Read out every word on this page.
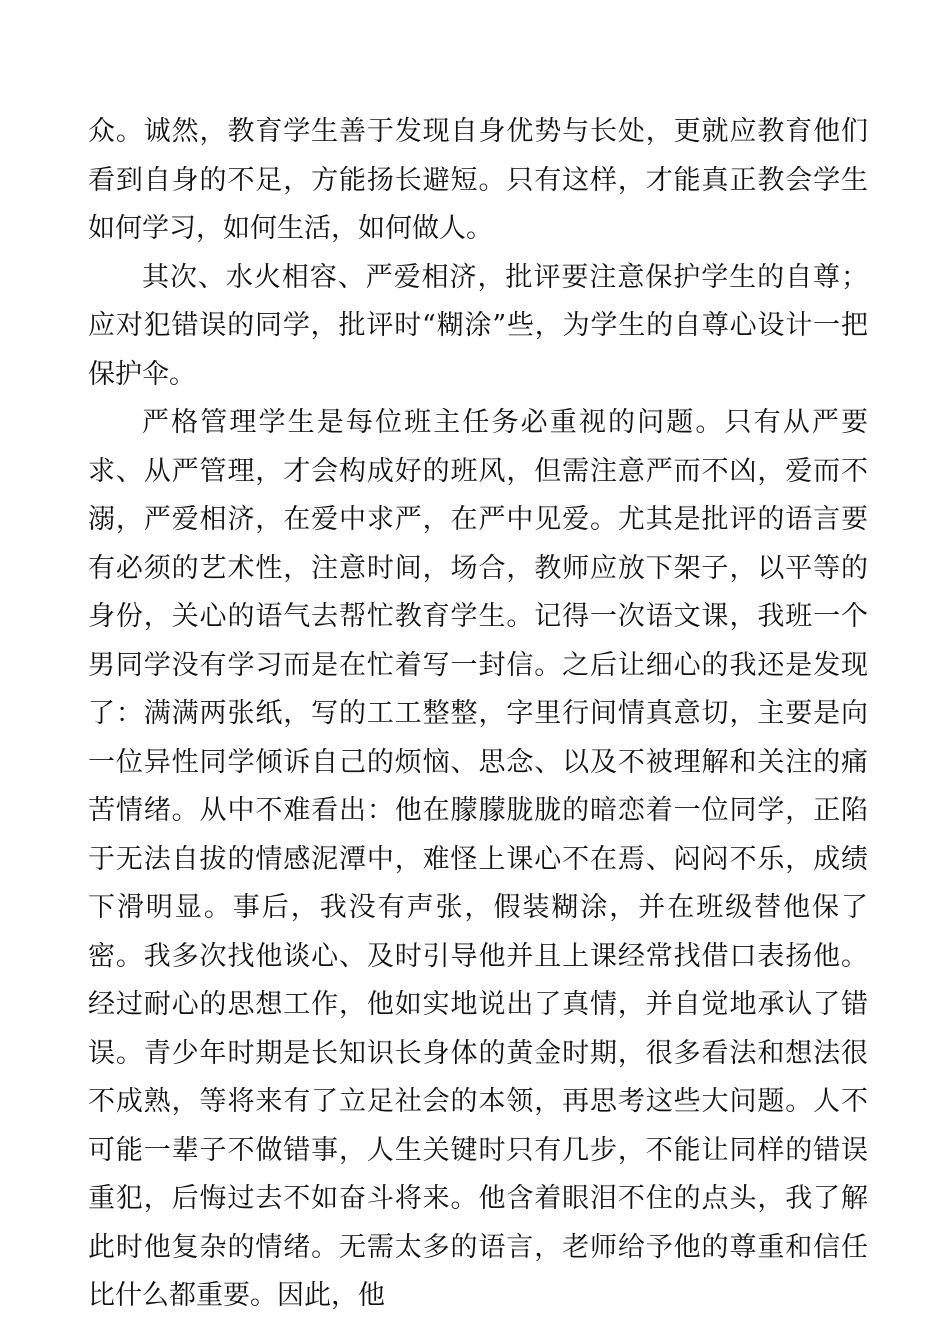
众。诚然，教育学生善于发现自身优势与长处，更就应教育他们看到自身的不足，方能扬长避短。只有这样，才能真正教会学生如何学习，如何生活，如何做人。

其次、水火相容、严爱相济，批评要注意保护学生的自尊；应对犯错误的同学，批评时“糊涂”些，为学生的自尊心设计一把保护伞。

严格管理学生是每位班主任务必重视的问题。只有从严要求、从严管理，才会构成好的班风，但需注意严而不凶，爱而不溺，严爱相济，在爱中求严，在严中见爱。尤其是批评的语言要有必须的艺术性，注意时间，场合，教师应放下架子，以平等的身份，关心的语气去帮忙教育学生。记得一次语文课，我班一个男同学没有学习而是在忙着写一封信。之后让细心的我还是发现了：满满两张纸，写的工工整整，字里行间情真意切，主要是向一位异性同学倾诉自己的烦恼、思念、以及不被理解和关注的痛苦情绪。从中不难看出：他在朦朦胧胧的暗恋着一位同学，正陷于无法自拔的情感泥潭中，难怪上课心不在焉、闷闷不乐，成绩下滑明显。事后，我没有声张，假装糊涂，并在班级替他保了密。我多次找他谈心、及时引导他并且上课经常找借口表扬他。经过耐心的思想工作，他如实地说出了真情，并自觉地承认了错误。青少年时期是长知识长身体的黄金时期，很多看法和想法很不成熟，等将来有了立足社会的本领，再思考这些大问题。人不可能一辈子不做错事，人生关键时只有几步，不能让同样的错误重犯，后悔过去不如奋斗将来。他含着眼泪不住的点头，我了解此时他复杂的情绪。无需太多的语言，老师给予他的尊重和信任比什么都重要。因此，他
